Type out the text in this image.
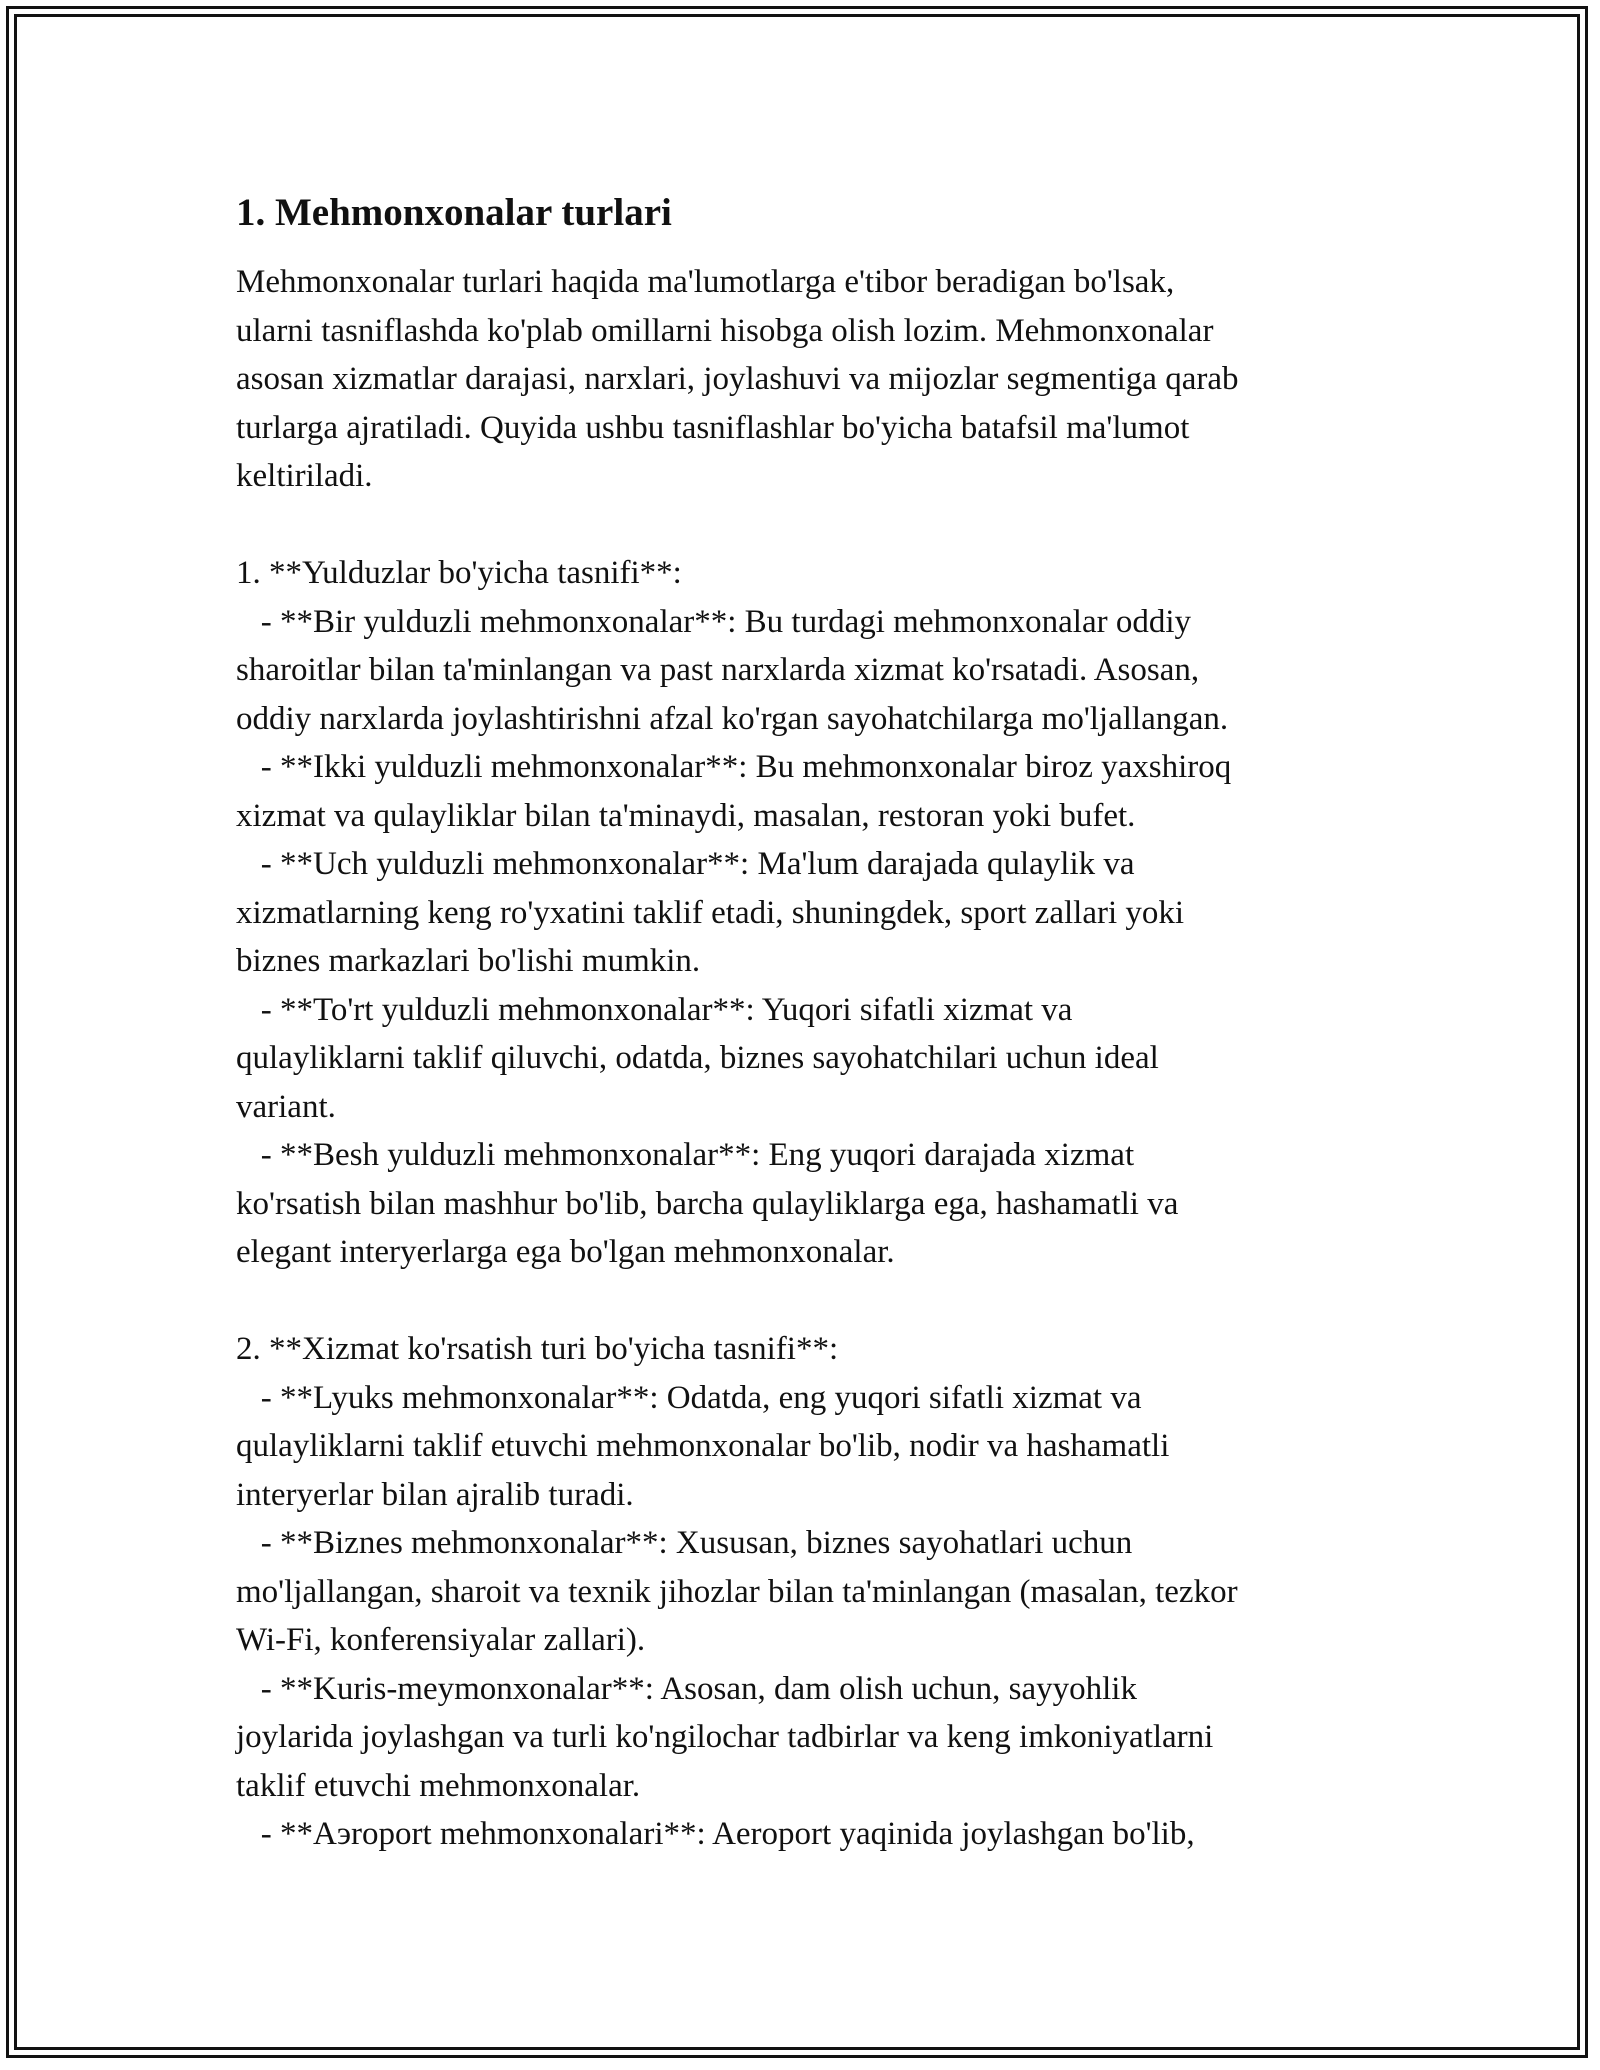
1. Mehmonxonalar turlari
Mehmonxonalar turlari haqida ma'lumotlarga e'tibor beradigan bo'lsak,
ularni tasniflashda ko'plab omillarni hisobga olish lozim. Mehmonxonalar
asosan xizmatlar darajasi, narxlari, joylashuvi va mijozlar segmentiga qarab
turlarga ajratiladi. Quyida ushbu tasniflashlar bo'yicha batafsil ma'lumot
keltiriladi.

1. **Yulduzlar bo'yicha tasnifi**:
- **Bir yulduzli mehmonxonalar**: Bu turdagi mehmonxonalar oddiy
sharoitlar bilan ta'minlangan va past narxlarda xizmat ko'rsatadi. Asosan,
oddiy narxlarda joylashtirishni afzal ko'rgan sayohatchilarga mo'ljallangan.
- **Ikki yulduzli mehmonxonalar**: Bu mehmonxonalar biroz yaxshiroq
xizmat va qulayliklar bilan ta'minaydi, masalan, restoran yoki bufet.
- **Uch yulduzli mehmonxonalar**: Ma'lum darajada qulaylik va
xizmatlarning keng ro'yxatini taklif etadi, shuningdek, sport zallari yoki
biznes markazlari bo'lishi mumkin.
- **To'rt yulduzli mehmonxonalar**: Yuqori sifatli xizmat va
qulayliklarni taklif qiluvchi, odatda, biznes sayohatchilari uchun ideal
variant.
- **Besh yulduzli mehmonxonalar**: Eng yuqori darajada xizmat
ko'rsatish bilan mashhur bo'lib, barcha qulayliklarga ega, hashamatli va
elegant interyerlarga ega bo'lgan mehmonxonalar.

2. **Xizmat ko'rsatish turi bo'yicha tasnifi**:
- **Lyuks mehmonxonalar**: Odatda, eng yuqori sifatli xizmat va
qulayliklarni taklif etuvchi mehmonxonalar bo'lib, nodir va hashamatli
interyerlar bilan ajralib turadi.
- **Biznes mehmonxonalar**: Xususan, biznes sayohatlari uchun
mo'ljallangan, sharoit va texnik jihozlar bilan ta'minlangan (masalan, tezkor
Wi-Fi, konferensiyalar zallari).
- **Kuris-meymonxonalar**: Asosan, dam olish uchun, sayyohlik
joylarida joylashgan va turli ko'ngilochar tadbirlar va keng imkoniyatlarni
taklif etuvchi mehmonxonalar.
- **Аэroport mehmonxonalari**: Aeroport yaqinida joylashgan bo'lib,
